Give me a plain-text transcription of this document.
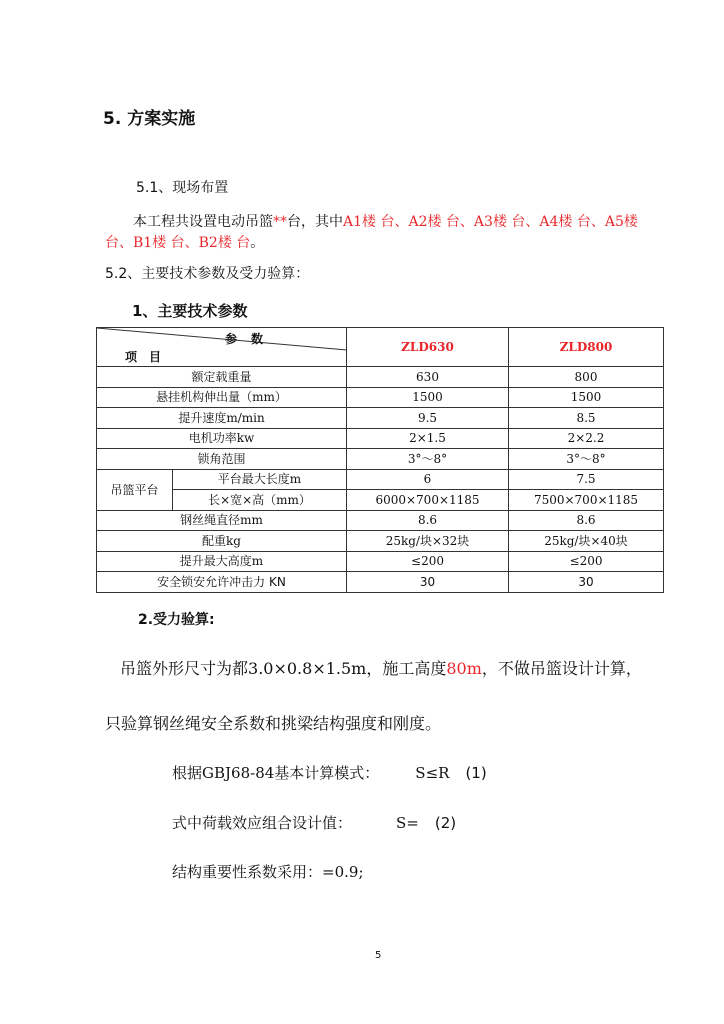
5. 方案实施
5.1、现场布置
本工程共设置电动吊篮**台，其中A1楼 台、A2楼 台、A3楼 台、A4楼 台、A5楼 台、B1楼 台、B2楼 台。
5.2、主要技术参数及受力验算：
1、主要技术参数
参　数
项　目		ZLD630	ZLD800
额定载重量		630	800
悬挂机构伸出量（mm）		1500	1500
提升速度m/min		9.5	8.5
电机功率kw		2×1.5	2×2.2
锁角范围		3°～8°	3°～8°
吊篮平台	平台最大长度m	6	7.5
	长×宽×高（mm）	6000×700×1185	7500×700×1185
钢丝绳直径mm		8.6	8.6
配重kg		25kg/块×32块	25kg/块×40块
提升最大高度m		≤200	≤200
安全锁安允许冲击力 KN		30	30
2.受力验算:
吊篮外形尺寸为都3.0×0.8×1.5m，施工高度80m，不做吊篮设计计算，
只验算钢丝绳安全系数和挑梁结构强度和刚度。
根据GBJ68-84基本计算模式： S≤R (1)
式中荷载效应组合设计值：	S= (2)
结构重要性系数采用：=0.9;
5
